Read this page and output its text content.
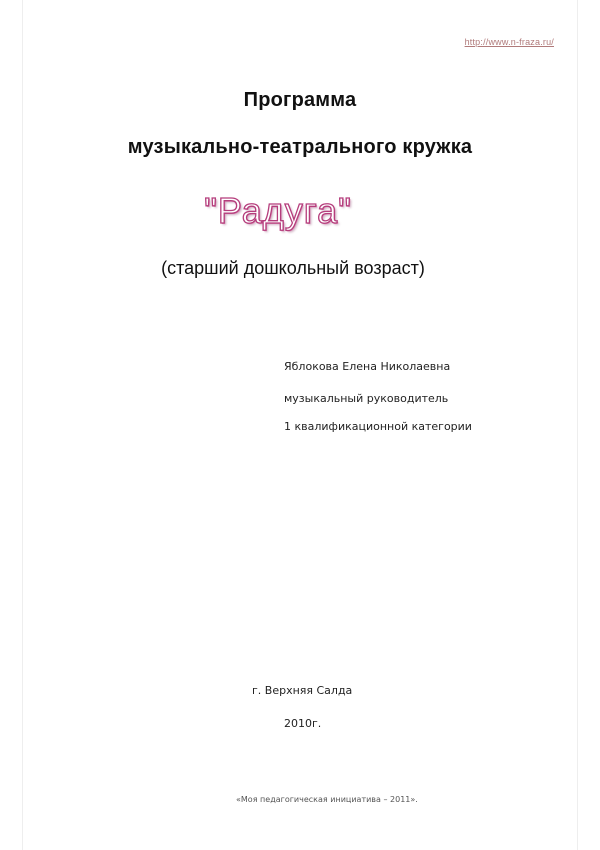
http://www.n-fraza.ru/
Программа
музыкально-театрального кружка
"Радуга"
(старший дошкольный возраст)
Яблокова Елена Николаевна
музыкальный руководитель
1 квалификационной категории
г. Верхняя Салда
2010г.
«Моя педагогическая инициатива – 2011».
